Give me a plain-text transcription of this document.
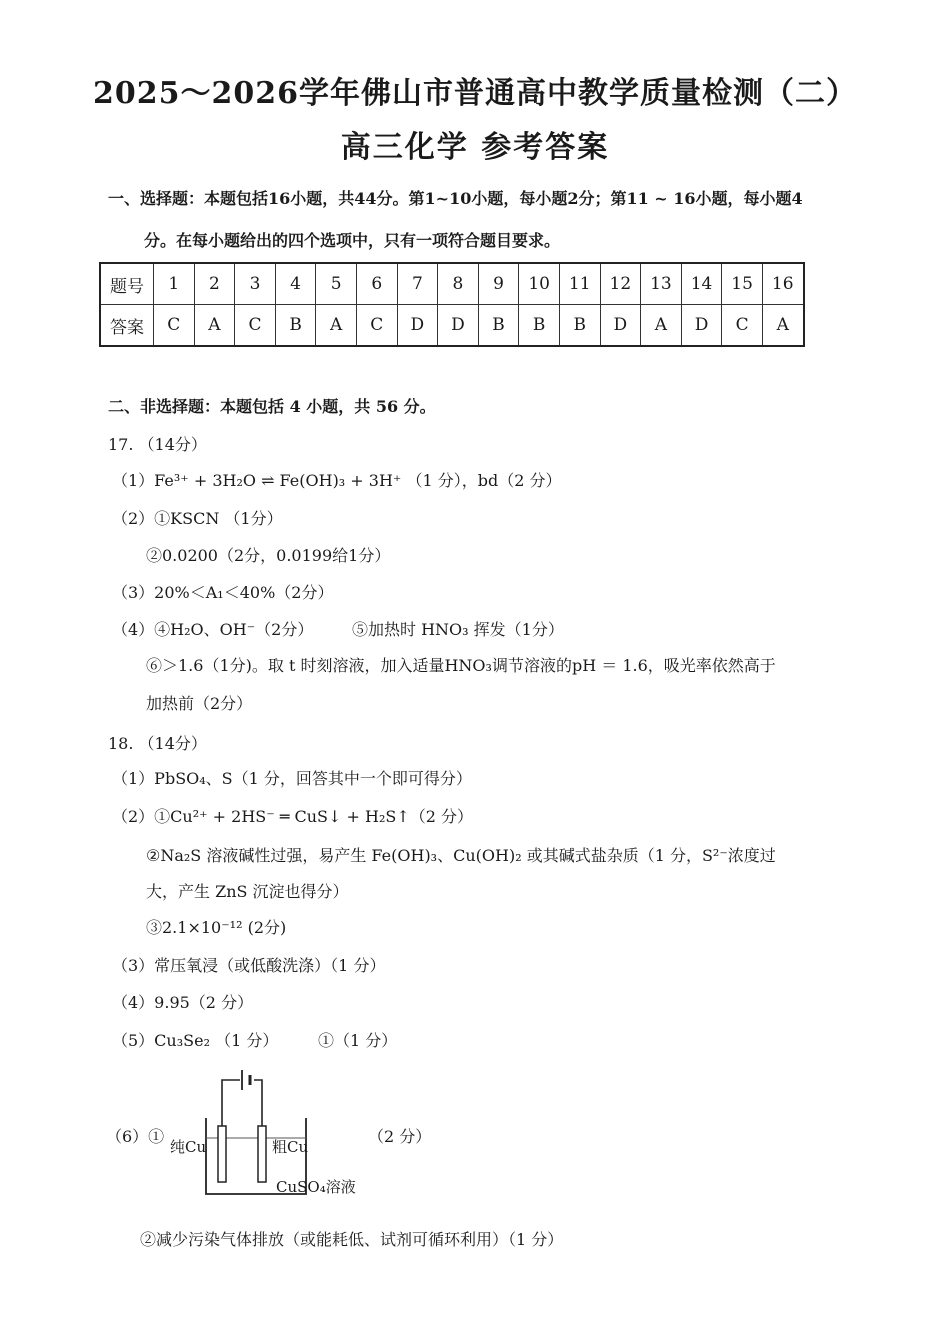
2025～2026学年佛山市普通高中教学质量检测（二）
高三化学 参考答案
一、选择题：本题包括16小题，共44分。第1~10小题，每小题2分；第11 ~ 16小题，每小题4
分。在每小题给出的四个选项中，只有一项符合题目要求。
题号	1	2	3	4	5	6	7	8	9	10	11	12	13	14	15	16
答案	C	A	C	B	A	C	D	D	B	B	B	D	A	D	C	A
二、非选择题：本题包括 4 小题，共 56 分。
17. （14分）
（1）Fe³⁺ + 3H₂O ⇌ Fe(OH)₃ + 3H⁺ （1 分），bd（2 分）
（2）①KSCN （1分）
②0.0200（2分，0.0199给1分）
（3）20%＜A₁＜40%（2分）
（4）④H₂O、OH⁻（2分） ⑤加热时 HNO₃ 挥发（1分）
⑥＞1.6（1分)。取 t 时刻溶液，加入适量HNO₃调节溶液的pH ＝ 1.6，吸光率依然高于
加热前（2分）
18. （14分）
（1）PbSO₄、S（1 分，回答其中一个即可得分）
（2）①Cu²⁺ + 2HS⁻ ═ CuS↓ + H₂S↑（2 分）
②Na₂S 溶液碱性过强，易产生 Fe(OH)₃、Cu(OH)₂ 或其碱式盐杂质（1 分，S²⁻浓度过
大，产生 ZnS 沉淀也得分）
③2.1×10⁻¹² (2分)
（3）常压氧浸（或低酸洗涤）（1 分）
（4）9.95（2 分）
（5）Cu₃Se₂ （1 分） ①（1 分）
（6）①
纯Cu	粗Cu
CuSO₄溶液
（2 分）
②减少污染气体排放（或能耗低、试剂可循环利用）（1 分）
